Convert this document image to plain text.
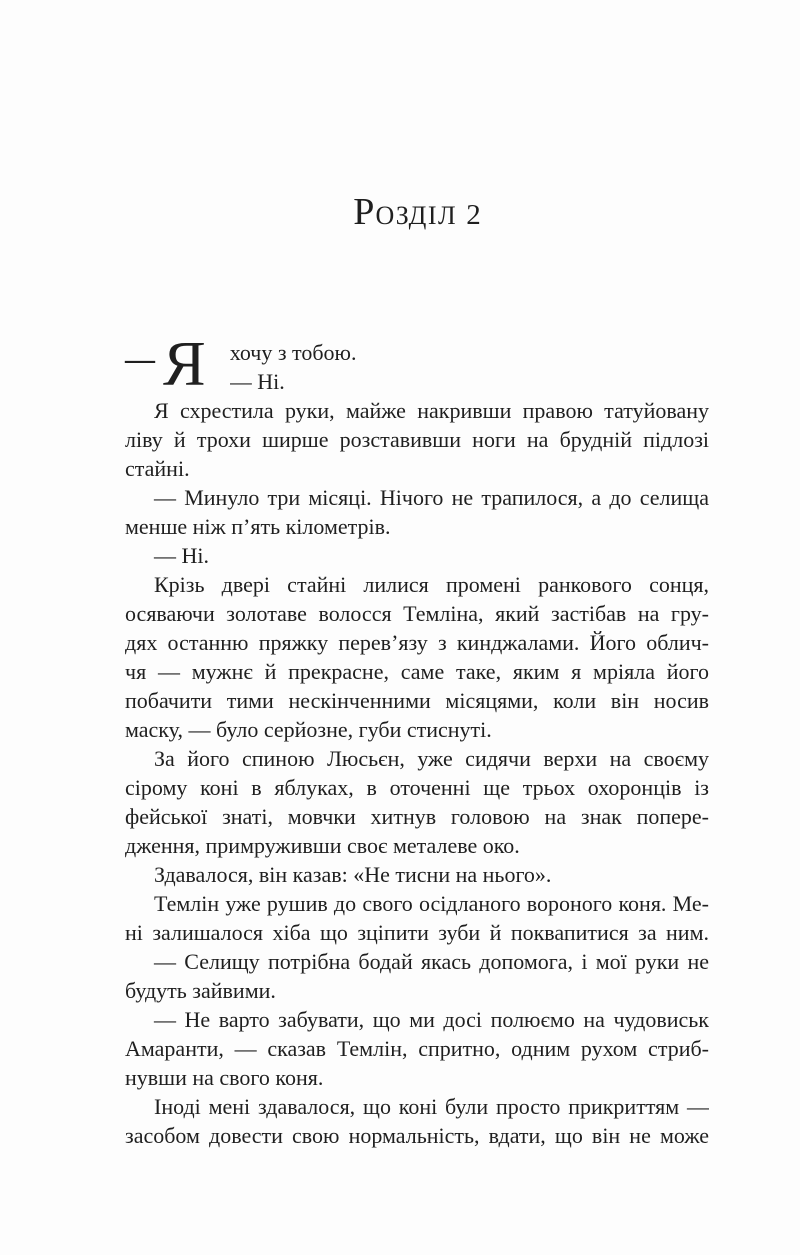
РОЗДІЛ 2
— Я хочу з тобою.
— Ні.
Я схрестила руки, майже накривши правою татуйовану
ліву й трохи ширше розставивши ноги на брудній підлозі
стайні.
— Минуло три місяці. Нічого не трапилося, а до селища
менше ніж п’ять кілометрів.
— Ні.
Крізь двері стайні лилися промені ранкового сонця,
осяваючи золотаве волосся Темліна, який застібав на гру-
дях останню пряжку перев’язу з кинджалами. Його облич-
чя — мужнє й прекрасне, саме таке, яким я мріяла його
побачити тими нескінченними місяцями, коли він носив
маску, — було серйозне, губи стиснуті.
За його спиною Люсьєн, уже сидячи верхи на своєму
сірому коні в яблуках, в оточенні ще трьох охоронців із
фейської знаті, мовчки хитнув головою на знак попере-
дження, примруживши своє металеве око.
Здавалося, він казав: «Не тисни на нього».
Темлін уже рушив до свого осідланого вороного коня. Ме-
ні залишалося хіба що зціпити зуби й поквапитися за ним.
— Селищу потрібна бодай якась допомога, і мої руки не
будуть зайвими.
— Не варто забувати, що ми досі полюємо на чудовиськ
Амаранти, — сказав Темлін, спритно, одним рухом стриб-
нувши на свого коня.
Іноді мені здавалося, що коні були просто прикриттям —
засобом довести свою нормальність, вдати, що він не може
